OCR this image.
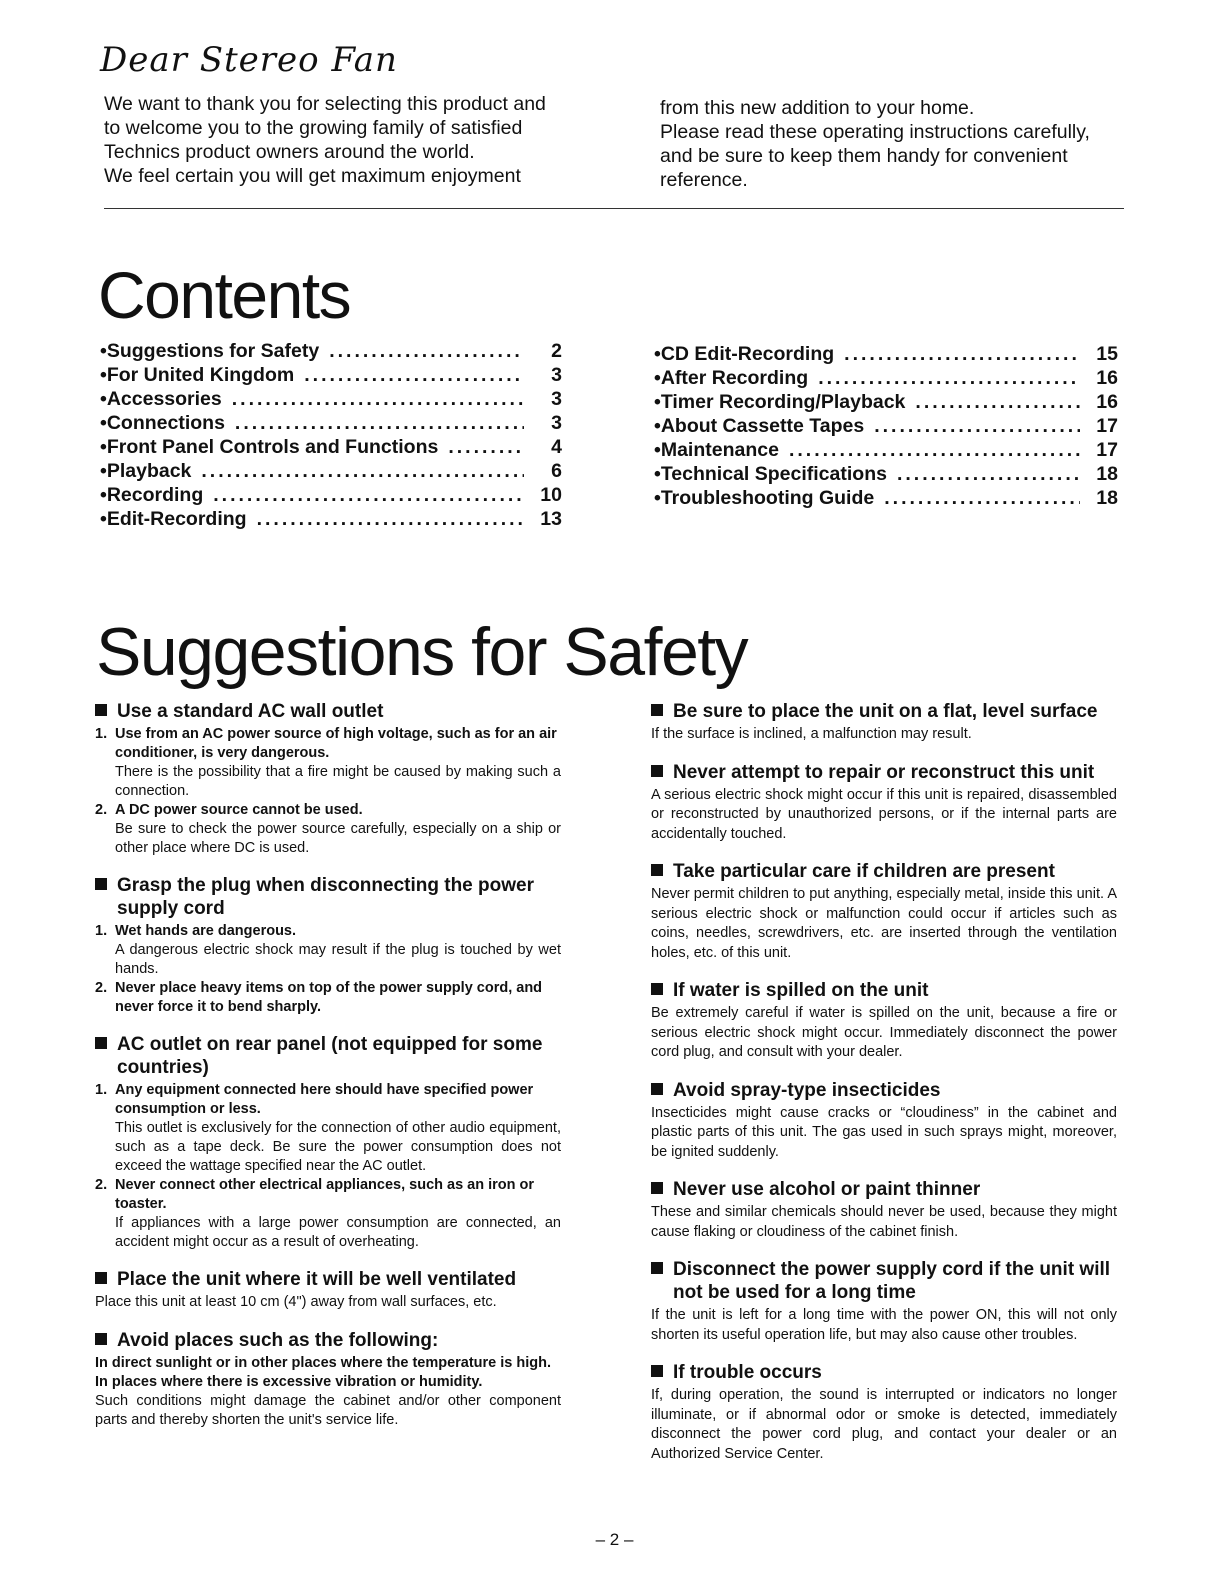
Dear Stereo Fan

We want to thank you for selecting this product and

to welcome you to the growing family of satisfied

Technics product owners around the world.

We feel certain you will get maximum enjoyment

from this new addition to your home.

Please read these operating instructions carefully,

and be sure to keep them handy for convenient

reference.

Contents
• Suggestions for Safety .....	2
• For United Kingdom .....	3
• Accessories .....	3
• Connections .....	3
• Front Panel Controls and Functions .....	4
• Playback .....	6
• Recording .....	10
• Edit-Recording .....	13
• CD Edit-Recording .....	15
• After Recording .....	16
• Timer Recording/Playback .....	16
• About Cassette Tapes .....	17
• Maintenance .....	17
• Technical Specifications .....	18
• Troubleshooting Guide .....	18
Suggestions for Safety
Use a standard AC wall outlet
1. Use from an AC power source of high voltage, such as for an air conditioner, is very dangerous.
There is the possibility that a fire might be caused by making such a connection.
2. A DC power source cannot be used.
Be sure to check the power source carefully, especially on a ship or other place where DC is used.
Grasp the plug when disconnecting the power supply cord
1. Wet hands are dangerous.
A dangerous electric shock may result if the plug is touched by wet hands.
2. Never place heavy items on top of the power supply cord, and never force it to bend sharply.
AC outlet on rear panel (not equipped for some countries)
1. Any equipment connected here should have specified power consumption or less.
This outlet is exclusively for the connection of other audio equipment, such as a tape deck. Be sure the power consumption does not exceed the wattage specified near the AC outlet.
2. Never connect other electrical appliances, such as an iron or toaster.
If appliances with a large power consumption are connected, an accident might occur as a result of overheating.
Place the unit where it will be well ventilated

Place this unit at least 10 cm (4") away from wall surfaces, etc.

Avoid places such as the following:

In direct sunlight or in other places where the temperature is high.

In places where there is excessive vibration or humidity.

Such conditions might damage the cabinet and/or other component parts and thereby shorten the unit's service life.

Be sure to place the unit on a flat, level surface

If the surface is inclined, a malfunction may result.

Never attempt to repair or reconstruct this unit

A serious electric shock might occur if this unit is repaired, disassembled or reconstructed by unauthorized persons, or if the internal parts are accidentally touched.

Take particular care if children are present

Never permit children to put anything, especially metal, inside this unit. A serious electric shock or malfunction could occur if articles such as coins, needles, screwdrivers, etc. are inserted through the ventilation holes, etc. of this unit.

If water is spilled on the unit

Be extremely careful if water is spilled on the unit, because a fire or serious electric shock might occur. Immediately disconnect the power cord plug, and consult with your dealer.

Avoid spray-type insecticides

Insecticides might cause cracks or “cloudiness” in the cabinet and plastic parts of this unit. The gas used in such sprays might, moreover, be ignited suddenly.

Never use alcohol or paint thinner

These and similar chemicals should never be used, because they might cause flaking or cloudiness of the cabinet finish.

Disconnect the power supply cord if the unit will not be used for a long time

If the unit is left for a long time with the power ON, this will not only shorten its useful operation life, but may also cause other troubles.

If trouble occurs

If, during operation, the sound is interrupted or indicators no longer illuminate, or if abnormal odor or smoke is detected, immediately disconnect the power cord plug, and contact your dealer or an Authorized Service Center.

– 2 –
